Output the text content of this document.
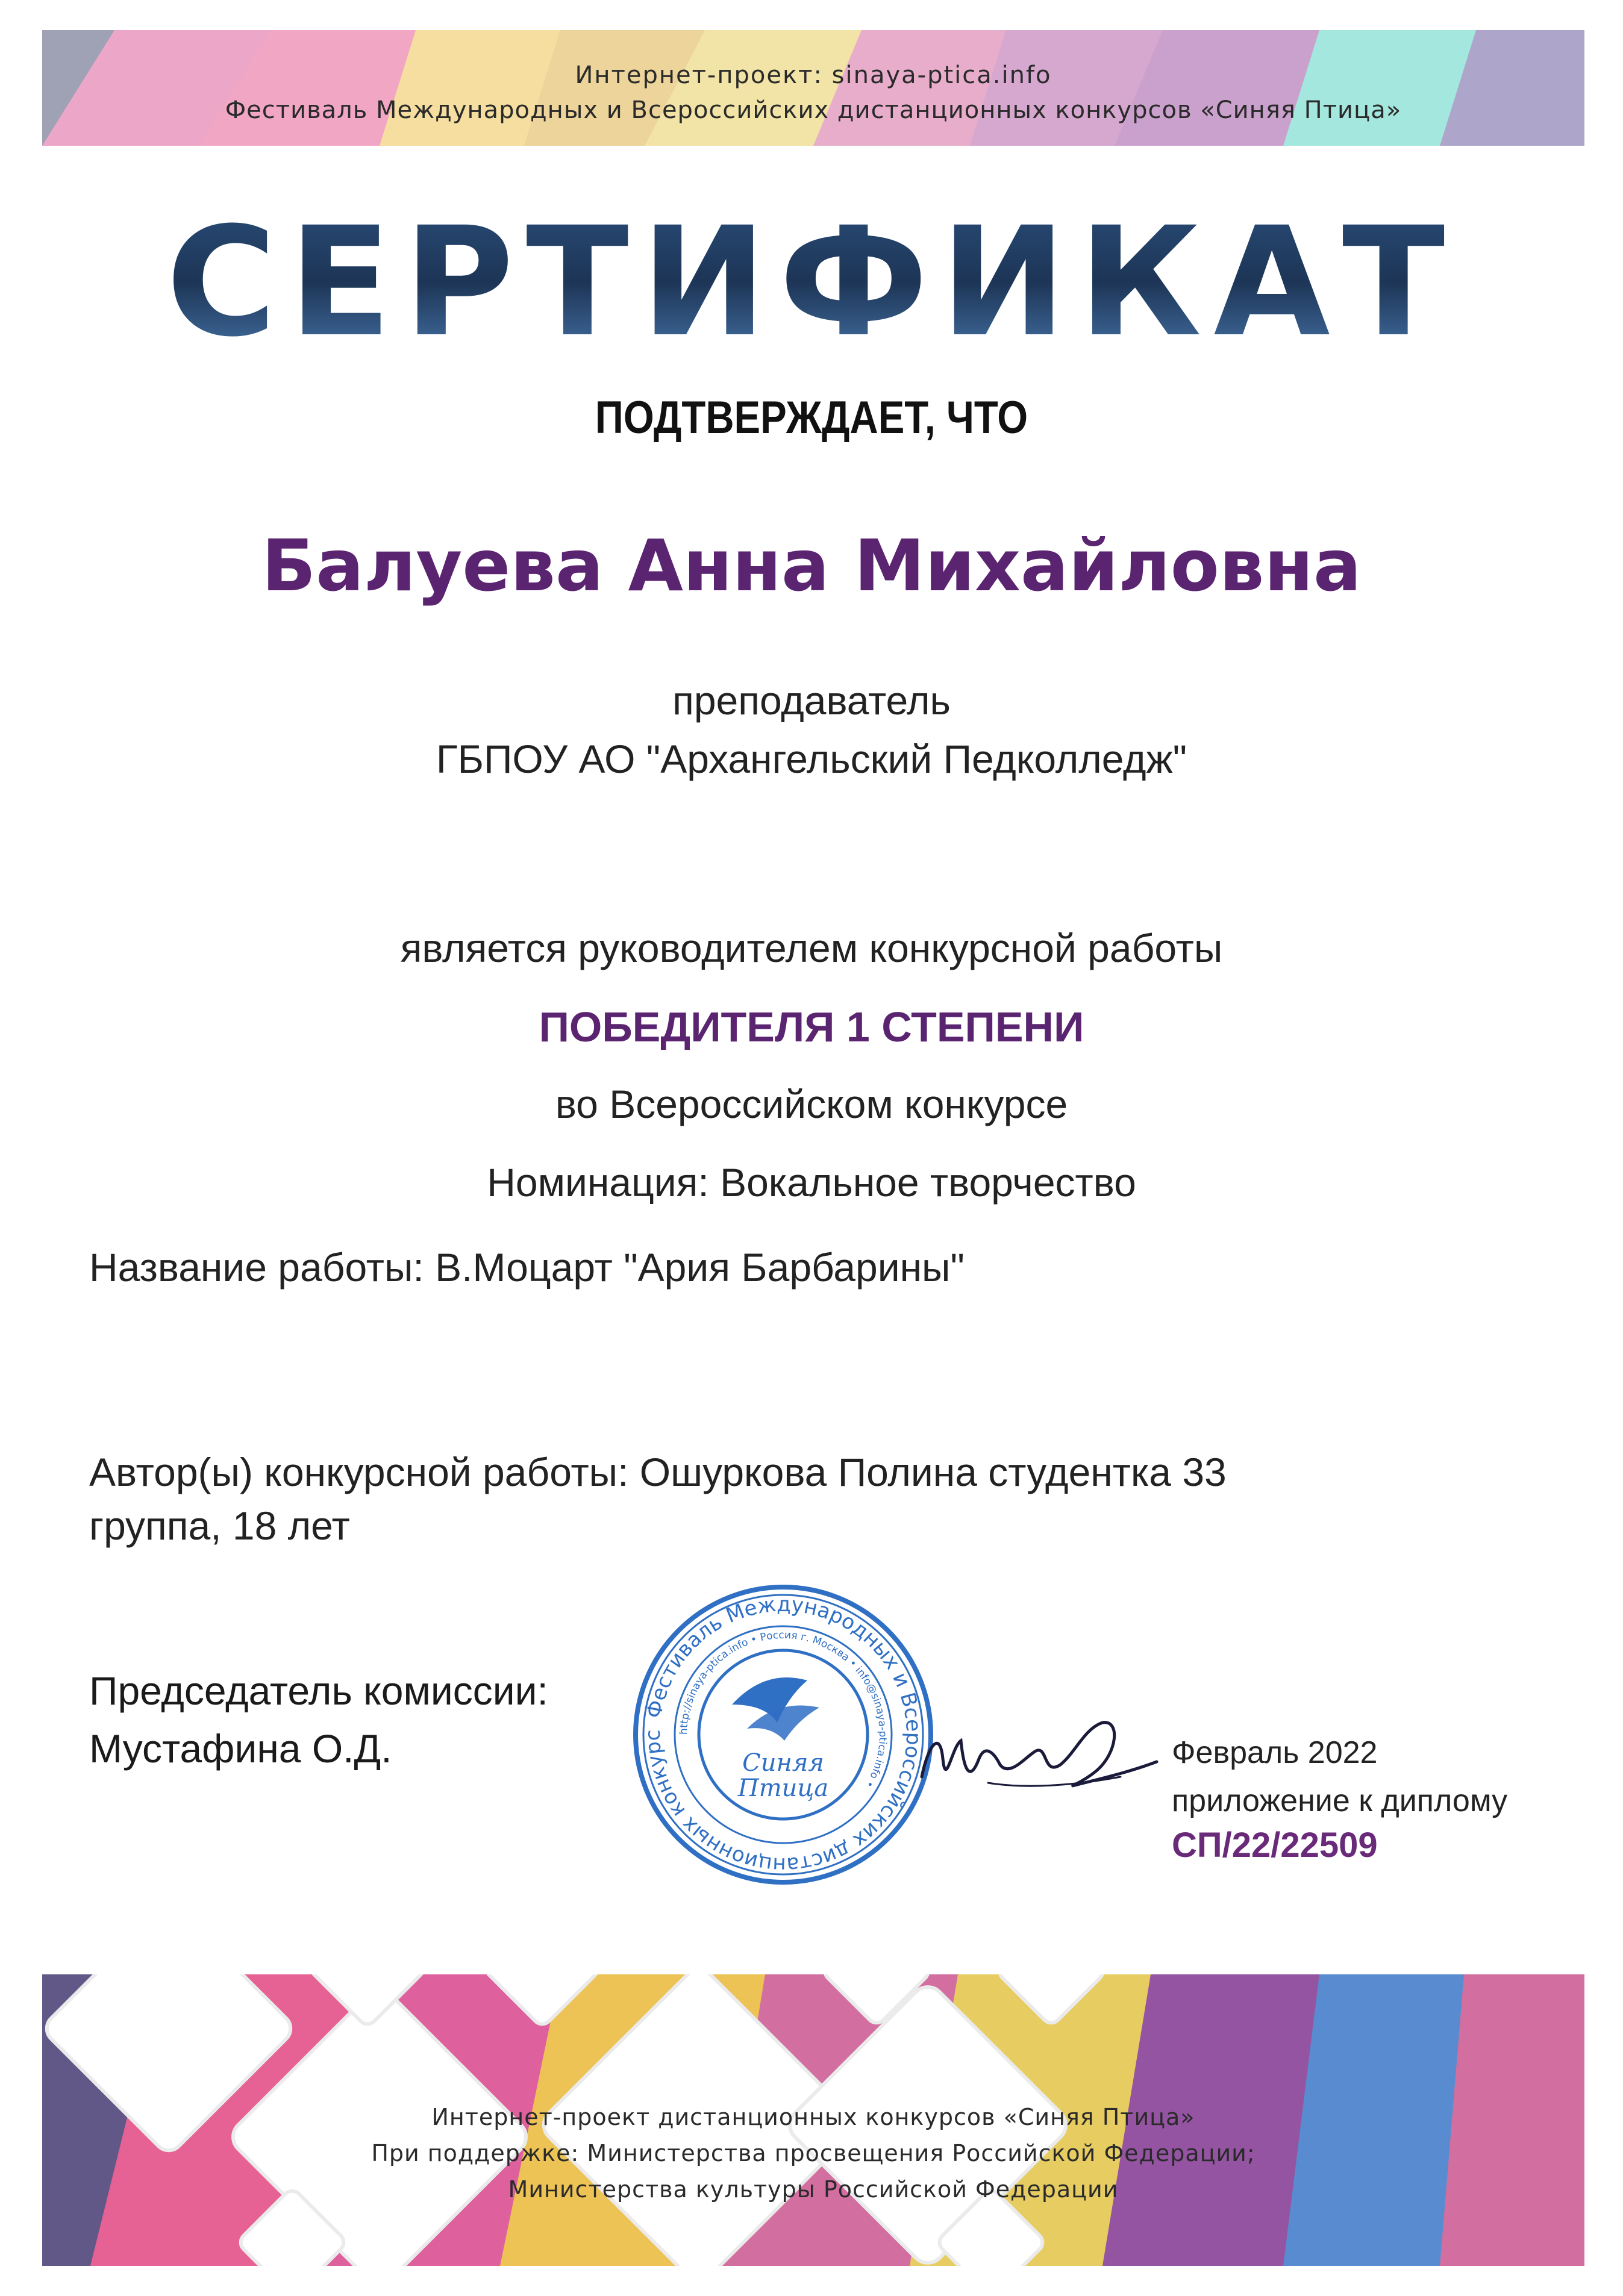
Интернет-проект: sinaya-ptica.info
Фестиваль Международных и Всероссийских дистанционных конкурсов «Синяя Птица»
СЕРТИФИКАТ
ПОДТВЕРЖДАЕТ, ЧТО
Балуева Анна Михайловна
преподаватель
ГБПОУ АО "Архангельский Педколледж"
является руководителем конкурсной работы
ПОБЕДИТЕЛЯ 1 СТЕПЕНИ
во Всероссийском конкурсе
Номинация: Вокальное творчество
Название работы: В.Моцарт "Ария Барбарины"
Автор(ы) конкурсной работы: Ошуркова Полина студентка 33
группа, 18 лет
Председатель комиссии:
Мустафина О.Д.
Фестиваль Международных и Всероссийских дистанционных конкурс	http://sinaya-ptica.info • Россия г. Москва • info@sinaya-ptica.info •
Синяя
Птица
Февраль 2022
приложение к диплому
СП/22/22509
Интернет-проект дистанционных конкурсов «Синяя Птица»
При поддержке: Министерства просвещения Российской Федерации;
Министерства культуры Российской Федерации
